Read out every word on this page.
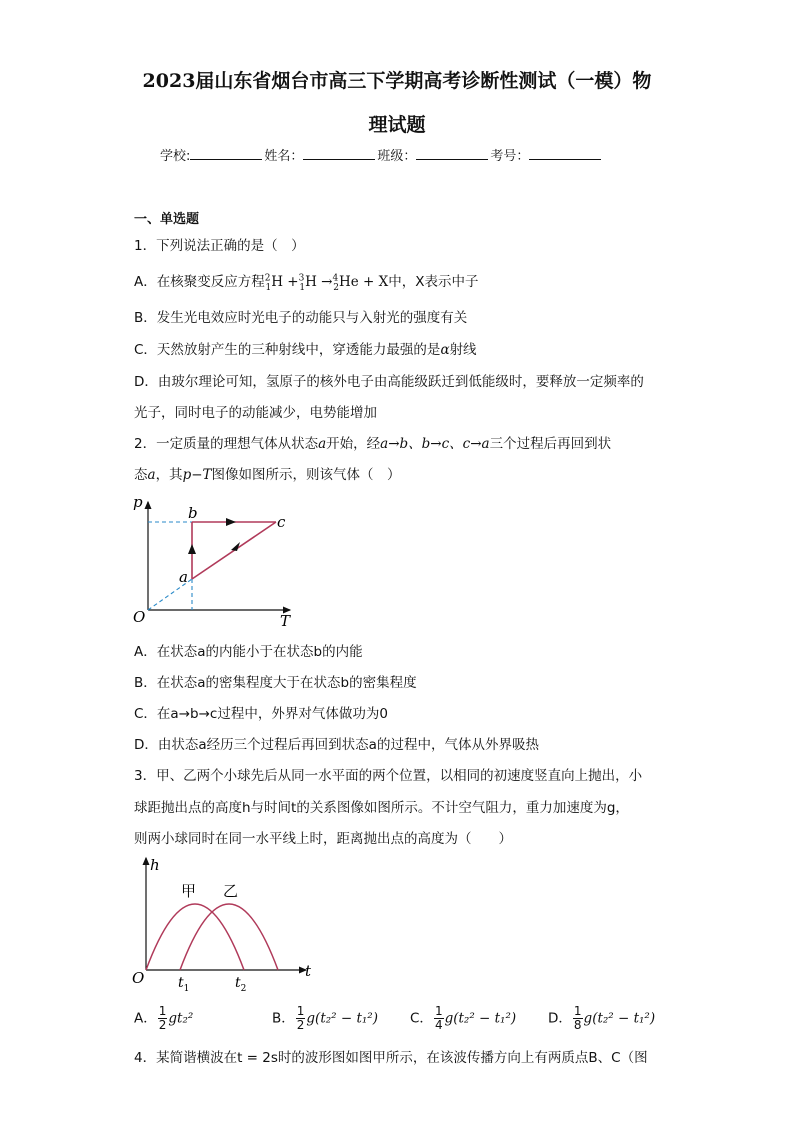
2023届山东省烟台市高三下学期高考诊断性测试（一模）物
理试题
学校:	姓名：	班级：	考号：
一、单选题
1．下列说法正确的是（　）
A．在核聚变反应方程$^2_1$H +$^3_1$H →$^4_2$He + X中，X表示中子
B．发生光电效应时光电子的动能只与入射光的强度有关
C．天然放射产生的三种射线中，穿透能力最强的是α射线
D．由玻尔理论可知，氢原子的核外电子由高能级跃迁到低能级时，要释放一定频率的
光子，同时电子的动能减少，电势能增加
2．一定质量的理想气体从状态a开始，经a→b、b→c、c→a三个过程后再回到状
态a，其p−T图像如图所示，则该气体（　）
p
T
O
a
b	c
A．在状态a的内能小于在状态b的内能
B．在状态a的密集程度大于在状态b的密集程度
C．在a→b→c过程中，外界对气体做功为0
D．由状态a经历三个过程后再回到状态a的过程中，气体从外界吸热
3．甲、乙两个小球先后从同一水平面的两个位置，以相同的初速度竖直向上抛出，小
球距抛出点的高度h与时间t的关系图像如图所示。不计空气阻力，重力加速度为g，
则两小球同时在同一水平线上时，距离抛出点的高度为（　　）
h
t
O
甲 乙
$t_1$	$t_2$
A． $\frac{1}{2} gt_2^2$	B． $\frac{1}{2} g(t_2^2 - t_1^2)$ C． $\frac{1}{4} g(t_2^2 - t_1^2)$ D． $\frac{1}{8} g(t_2^2 - t_1^2)$
4．某简谐横波在t = 2s时的波形图如图甲所示，在该波传播方向上有两质点B、C（图
